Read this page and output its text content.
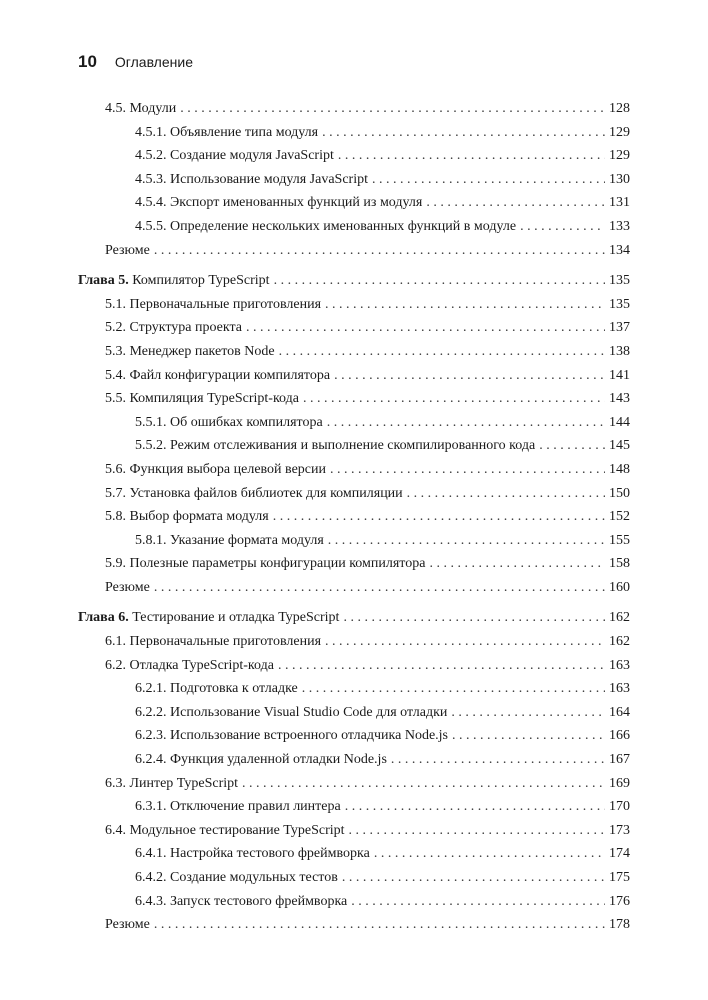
10 Оглавление
4.5. Модули . . .	128
4.5.1. Объявление типа модуля . . .	129
4.5.2. Создание модуля JavaScript . . .	129
4.5.3. Использование модуля JavaScript . . .	130
4.5.4. Экспорт именованных функций из модуля . . .	131
4.5.5. Определение нескольких именованных функций в модуле . . .	133
Резюме . . .	134
Глава 5. Компилятор TypeScript . . .	135
5.1. Первоначальные приготовления . . .	135
5.2. Структура проекта . . .	137
5.3. Менеджер пакетов Node . . .	138
5.4. Файл конфигурации компилятора . . .	141
5.5. Компиляция TypeScript-кода . . .	143
5.5.1. Об ошибках компилятора . . .	144
5.5.2. Режим отслеживания и выполнение скомпилированного кода . . .	145
5.6. Функция выбора целевой версии . . .	148
5.7. Установка файлов библиотек для компиляции . . .	150
5.8. Выбор формата модуля . . .	152
5.8.1. Указание формата модуля . . .	155
5.9. Полезные параметры конфигурации компилятора . . .	158
Резюме . . .	160
Глава 6. Тестирование и отладка TypeScript . . .	162
6.1. Первоначальные приготовления . . .	162
6.2. Отладка TypeScript-кода . . .	163
6.2.1. Подготовка к отладке . . .	163
6.2.2. Использование Visual Studio Code для отладки . . .	164
6.2.3. Использование встроенного отладчика Node.js . . .	166
6.2.4. Функция удаленной отладки Node.js . . .	167
6.3. Линтер TypeScript . . .	169
6.3.1. Отключение правил линтера . . .	170
6.4. Модульное тестирование TypeScript . . .	173
6.4.1. Настройка тестового фреймворка . . .	174
6.4.2. Создание модульных тестов . . .	175
6.4.3. Запуск тестового фреймворка . . .	176
Резюме . . .	178
